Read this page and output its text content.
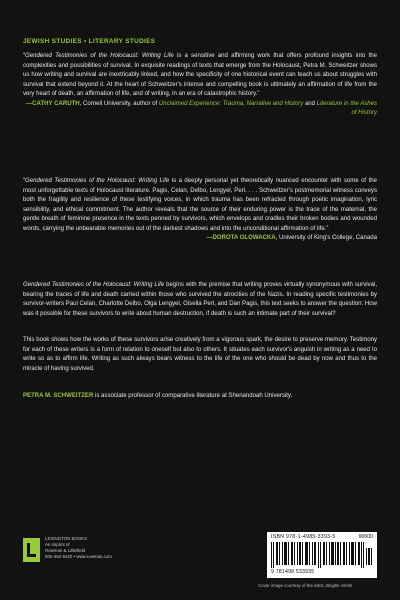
JEWISH STUDIES • LITERARY STUDIES

“Gendered Testimonies of the Holocaust: Writing Life is a sensitive and affirming work that offers profound insights into the complexities and possibilities of survival. In exquisite readings of texts that emerge from the Holocaust, Petra M. Schweitzer shows us how writing and survival are inextricably linked, and how the specificity of one historical event can teach us about struggles with survival that extend beyond it. At the heart of Schweitzer's intense and compelling book is ultimately an affirmation of life from the very heart of death, an affirmation of life, and of writing, in an era of catastrophic history.”

—CATHY CARUTH, Cornell University, author of Unclaimed Experience: Trauma, Narrative and History and Literature in the Ashes of History

“Gendered Testimonies of the Holocaust: Writing Life is a deeply personal yet theoretically nuanced encounter with some of the most unforgettable texts of Holocaust literature. Pagis, Celan, Delbo, Lengyel, Perl. . . . Schweitzer's postmemorial witness conveys both the fragility and resilience of these testifying voices, in which trauma has been refracted through poetic imagination, lyric sensibility, and ethical commitment. The author reveals that the source of their enduring power is the trace of the maternal, the gentle breath of feminine presence in the texts penned by survivors, which envelops and cradles their broken bodies and wounded words, carrying the unbearable memories out of the darkest shadows and into the unconditional affirmation of life.”

—DOROTA GLOWACKA, University of King's College, Canada

Gendered Testimonies of the Holocaust: Writing Life begins with the premise that writing proves virtually synonymous with survival, bearing the traces of life and death carried within those who survived the atrocities of the Nazis. In reading specific testimonies by survivor-writers Paul Celan, Charlotte Delbo, Olga Lengyel, Gisella Perl, and Dan Pagis, this text seeks to answer the question: How was it possible for these survivors to write about human destruction, if death is such an intimate part of their survival?

This book shows how the works of these survivors arise creatively from a vigorous spark, the desire to preserve memory. Testimony for each of these writers is a form of relation to oneself but also to others. It situates each survivor's anguish in writing as a need to write so as to affirm life. Writing as such always bears witness to the life of the one who should be dead by now and thus to the miracle of having survived.

PETRA M. SCHWEITZER is associate professor of comparative literature at Shenandoah University.

LEXINGTON BOOKS
An imprint of
Rowman & Littlefield
800-462-6420 • www.rowman.com
ISBN 978-1-4985-3393-5	90000
9 781498 533935
Cover image courtesy of the artist, Brigitte Smith.
